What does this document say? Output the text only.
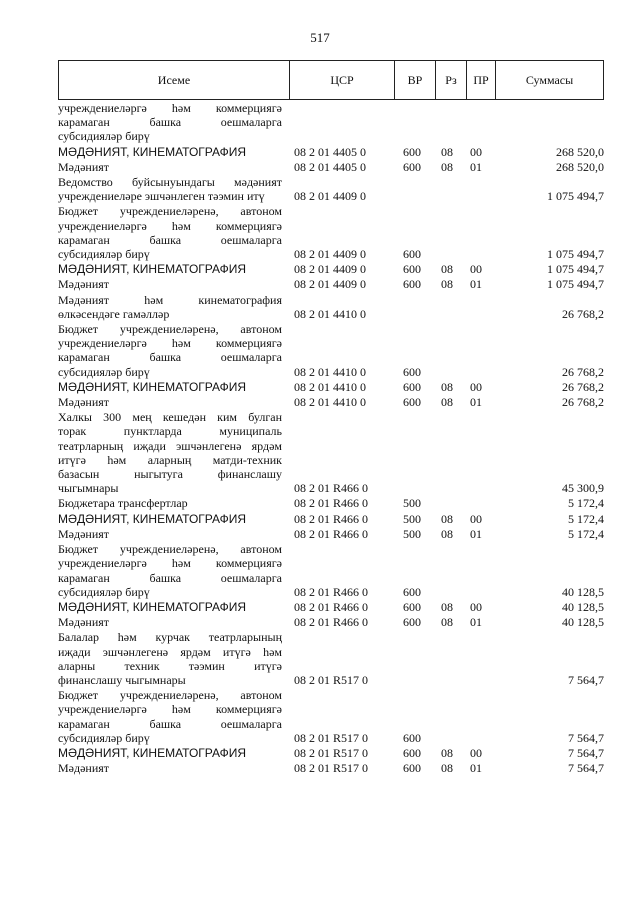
517
Исеме	ЦСР	ВР	Рз	ПР	Суммасы
учреждениеләргә һәм коммерциягә
карамаган башка оешмаларга
субсидияләр бирү
МӘДӘНИЯТ, КИНЕМАТОГРАФИЯ	08 2 01 4405 0	600	08	00	268 520,0
Мәдәният	08 2 01 4405 0	600	08	01	268 520,0
Ведомство буйсынуындагы мәдәният
учреждениеләре эшчәнлеген тәэмин итү	08 2 01 4409 0	1 075 494,7
Бюджет учреждениеләренә, автоном
учреждениеләргә һәм коммерциягә
карамаган башка оешмаларга
субсидияләр бирү	08 2 01 4409 0	600	1 075 494,7
МӘДӘНИЯТ, КИНЕМАТОГРАФИЯ	08 2 01 4409 0	600	08	00	1 075 494,7
Мәдәният	08 2 01 4409 0	600	08	01	1 075 494,7
Мәдәният һәм кинематография
өлкәсендәге гамәлләр	08 2 01 4410 0	26 768,2
Бюджет учреждениеләренә, автоном
учреждениеләргә һәм коммерциягә
карамаган башка оешмаларга
субсидияләр бирү	08 2 01 4410 0	600	26 768,2
МӘДӘНИЯТ, КИНЕМАТОГРАФИЯ	08 2 01 4410 0	600	08	00	26 768,2
Мәдәният	08 2 01 4410 0	600	08	01	26 768,2
Халкы 300 мең кешедән ким булган
торак пунктларда муниципаль
театрларның иҗади эшчәнлегенә ярдәм
итүгә һәм аларның матди-техник
базасын ныгытуга финанслашу
чыгымнары	08 2 01 R466 0	45 300,9
Бюджетара трансфертлар	08 2 01 R466 0	500	5 172,4
МӘДӘНИЯТ, КИНЕМАТОГРАФИЯ	08 2 01 R466 0	500	08	00	5 172,4
Мәдәният	08 2 01 R466 0	500	08	01	5 172,4
Бюджет учреждениеләренә, автоном
учреждениеләргә һәм коммерциягә
карамаган башка оешмаларга
субсидияләр бирү	08 2 01 R466 0	600	40 128,5
МӘДӘНИЯТ, КИНЕМАТОГРАФИЯ	08 2 01 R466 0	600	08	00	40 128,5
Мәдәният	08 2 01 R466 0	600	08	01	40 128,5
Балалар һәм курчак театрларының
иҗади эшчәнлегенә ярдәм итүгә һәм
аларны техник тәэмин итүгә
финанслашу чыгымнары	08 2 01 R517 0	7 564,7
Бюджет учреждениеләренә, автоном
учреждениеләргә һәм коммерциягә
карамаган башка оешмаларга
субсидияләр бирү	08 2 01 R517 0	600	7 564,7
МӘДӘНИЯТ, КИНЕМАТОГРАФИЯ	08 2 01 R517 0	600	08	00	7 564,7
Мәдәният	08 2 01 R517 0	600	08	01	7 564,7
